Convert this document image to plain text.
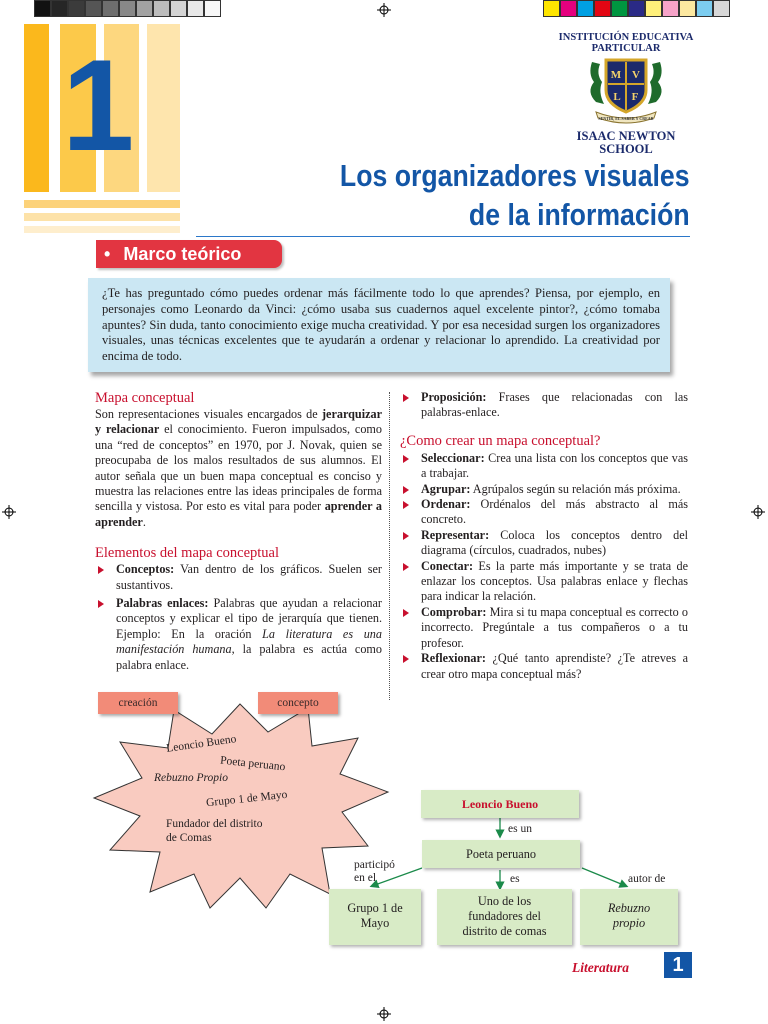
1	INSTITUCIÓN EDUCATIVA
PARTICULAR
M V
L F
SENTIR, EL SABER Y CREAR
ISAAC NEWTON
SCHOOL
Los organizadores visuales
de la información
• Marco teórico
¿Te has preguntado cómo puedes ordenar más fácilmente todo lo que aprendes? Piensa, por ejemplo, en personajes como Leonardo da Vinci: ¿cómo usaba sus cuadernos aquel excelente pintor?, ¿cómo tomaba apuntes? Sin duda, tanto conocimiento exige mucha creatividad. Y por esa necesidad surgen los organizadores visuales, unas técnicas excelentes que te ayudarán a ordenar y relacionar lo aprendido. La creatividad por encima de todo.
Mapa conceptual
Son representaciones visuales encargados de jerarquizar y relacionar el conocimiento. Fueron impulsados, como una “red de conceptos” en 1970, por J. Novak, quien se preocupaba de los malos resultados de sus alumnos. El autor señala que un buen mapa conceptual es conciso y muestra las relaciones entre las ideas principales de forma sencilla y vistosa. Por esto es vital para poder aprender a aprender.
Elementos del mapa conceptual

Conceptos: Van dentro de los gráficos. Suelen ser sustantivos.

Palabras enlaces: Palabras que ayudan a relacionar conceptos y explicar el tipo de jerarquía que tienen. Ejemplo: En la oración La literatura es una manifestación humana, la palabra es actúa como palabra enlace.

Proposición: Frases que relacionadas con las palabras-enlace.

¿Como crear un mapa conceptual?

Seleccionar: Crea una lista con los conceptos que vas a trabajar.

Agrupar: Agrúpalos según su relación más próxima.

Ordenar: Ordénalos del más abstracto al más concreto.

Representar: Coloca los conceptos dentro del diagrama (círculos, cuadrados, nubes)

Conectar: Es la parte más importante y se trata de enlazar los conceptos. Usa palabras enlace y flechas para indicar la relación.

Comprobar: Mira si tu mapa conceptual es correcto o incorrecto. Pregúntale a tus compañeros o a tu profesor.

Reflexionar: ¿Qué tanto aprendiste? ¿Te atreves a crear otro mapa conceptual más?

creación	concepto
Leoncio Bueno
Poeta peruano
Rebuzno Propio
Grupo 1 de Mayo
Fundador del distrito
de Comas
Leoncio Bueno
es un
Poeta peruano
participó
en el	es	autor de
Grupo 1 de
Mayo
Uno de los
fundadores del
distrito de comas
Rebuzno
propio
Literatura	1
